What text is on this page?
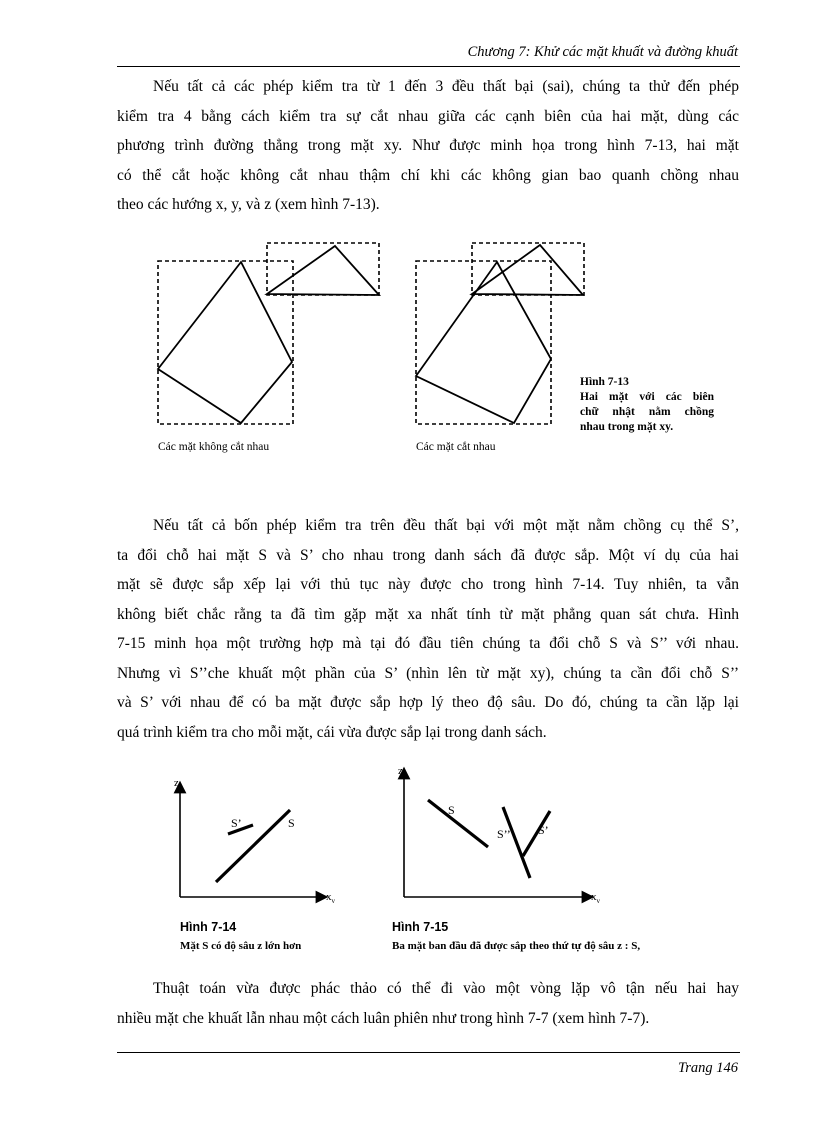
Chương 7: Khử các mặt khuất và đường khuất
Nếu tất cả các phép kiểm tra từ 1 đến 3 đều thất bại (sai), chúng ta thử đến phép
kiểm tra 4 bằng cách kiểm tra sự cắt nhau giữa các cạnh biên của hai mặt, dùng các
phương trình đường thẳng trong mặt xy. Như được minh họa trong hình 7-13, hai mặt
có thể cắt hoặc không cắt nhau thậm chí khi các không gian bao quanh chồng nhau
theo các hướng x, y, và z (xem hình 7-13).
Các mặt không cắt nhau	Các mặt cắt nhau
Hình 7-13
Hai mặt với các biên
chữ nhật nằm chồng
nhau trong mặt xy.
Nếu tất cả bốn phép kiểm tra trên đều thất bại với một mặt nằm chồng cụ thể S’,
ta đổi chỗ hai mặt S và S’ cho nhau trong danh sách đã được sắp. Một ví dụ của hai
mặt sẽ được sắp xếp lại với thủ tục này được cho trong hình 7-14. Tuy nhiên, ta vẫn
không biết chắc rằng ta đã tìm gặp mặt xa nhất tính từ mặt phẳng quan sát chưa. Hình
7-15 minh họa một trường hợp mà tại đó đầu tiên chúng ta đổi chỗ S và S’’ với nhau.
Nhưng vì S’’che khuất một phần của S’ (nhìn lên từ mặt xy), chúng ta cần đổi chỗ S’’
và S’ với nhau để có ba mặt được sắp hợp lý theo độ sâu. Do đó, chúng ta cần lặp lại
quá trình kiểm tra cho mỗi mặt, cái vừa được sắp lại trong danh sách.
$z_v$
$x_v$
S’	S
$z_v$
$x_v$
S
S’’ S’
Hình 7-14
Mặt S có độ sâu z lớn hơn
Hình 7-15
Ba mặt ban đầu đã được sắp theo thứ tự độ sâu z : S,
Thuật toán vừa được phác thảo có thể đi vào một vòng lặp vô tận nếu hai hay
nhiều mặt che khuất lẫn nhau một cách luân phiên như trong hình 7-7 (xem hình 7-7).
Trang 146
